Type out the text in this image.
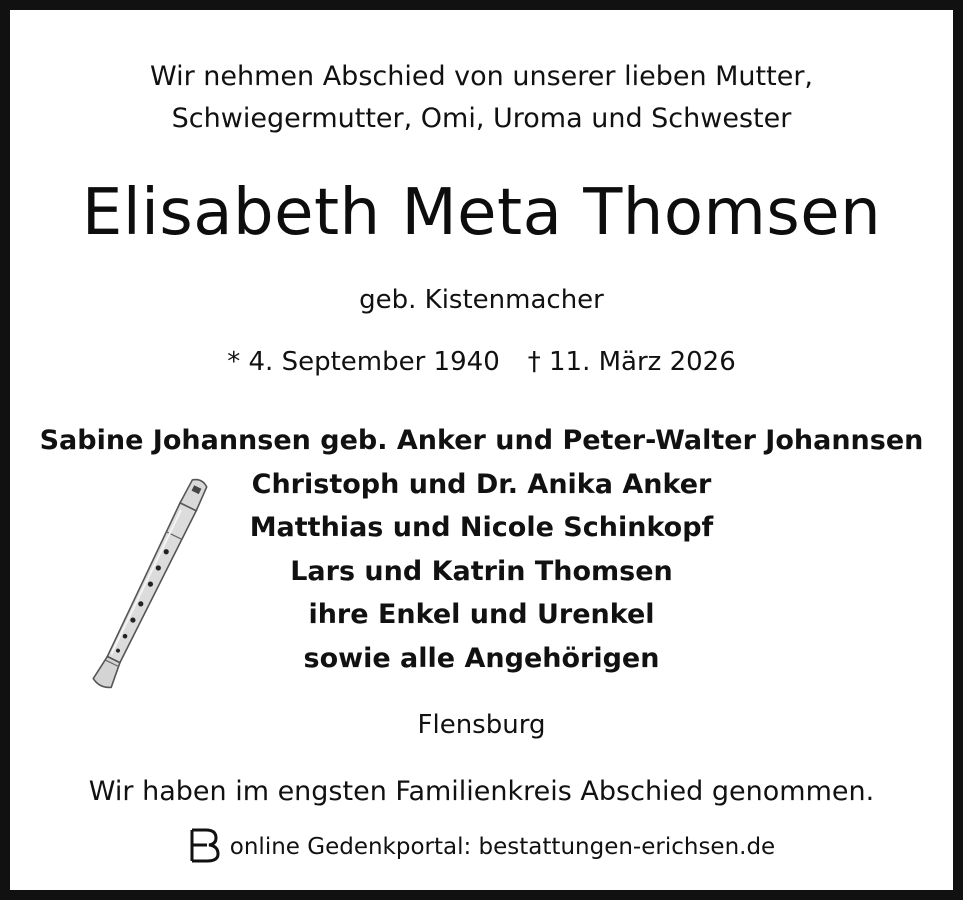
Wir nehmen Abschied von unserer lieben Mutter,
Schwiegermutter, Omi, Uroma und Schwester
Elisabeth Meta Thomsen
geb. Kistenmacher
* 4. September 1940 † 11. März 2026
Sabine Johannsen geb. Anker und Peter-Walter Johannsen
Christoph und Dr. Anika Anker
Matthias und Nicole Schinkopf
Lars und Katrin Thomsen
ihre Enkel und Urenkel
sowie alle Angehörigen
Flensburg
Wir haben im engsten Familienkreis Abschied genommen.
online Gedenkportal: bestattungen-erichsen.de
